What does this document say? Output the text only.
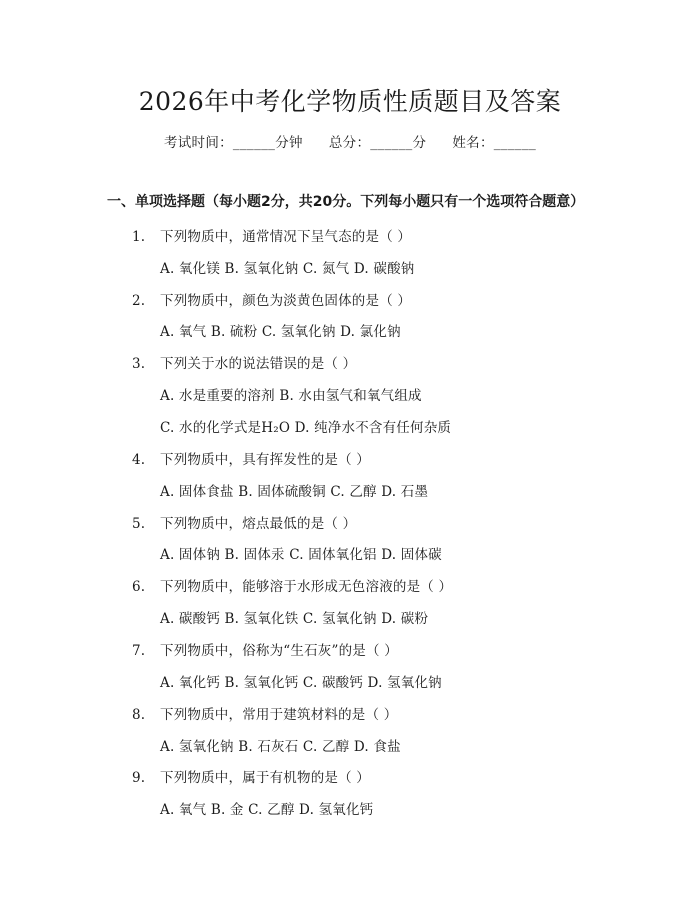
2026年中考化学物质性质题目及答案
考试时间：______分钟 总分：______分 姓名：______
一、单项选择题（每小题2分，共20分。下列每小题只有一个选项符合题意）
1. 下列物质中，通常情况下呈气态的是（ ）
A. 氧化镁 B. 氢氧化钠 C. 氮气 D. 碳酸钠
2. 下列物质中，颜色为淡黄色固体的是（ ）
A. 氧气 B. 硫粉 C. 氢氧化钠 D. 氯化钠
3. 下列关于水的说法错误的是（ ）
A. 水是重要的溶剂 B. 水由氢气和氧气组成
C. 水的化学式是H₂O D. 纯净水不含有任何杂质
4. 下列物质中，具有挥发性的是（ ）
A. 固体食盐 B. 固体硫酸铜 C. 乙醇 D. 石墨
5. 下列物质中，熔点最低的是（ ）
A. 固体钠 B. 固体汞 C. 固体氧化铝 D. 固体碳
6. 下列物质中，能够溶于水形成无色溶液的是（ ）
A. 碳酸钙 B. 氢氧化铁 C. 氢氧化钠 D. 碳粉
7. 下列物质中，俗称为“生石灰”的是（ ）
A. 氧化钙 B. 氢氧化钙 C. 碳酸钙 D. 氢氧化钠
8. 下列物质中，常用于建筑材料的是（ ）
A. 氢氧化钠 B. 石灰石 C. 乙醇 D. 食盐
9. 下列物质中，属于有机物的是（ ）
A. 氧气 B. 金 C. 乙醇 D. 氢氧化钙
